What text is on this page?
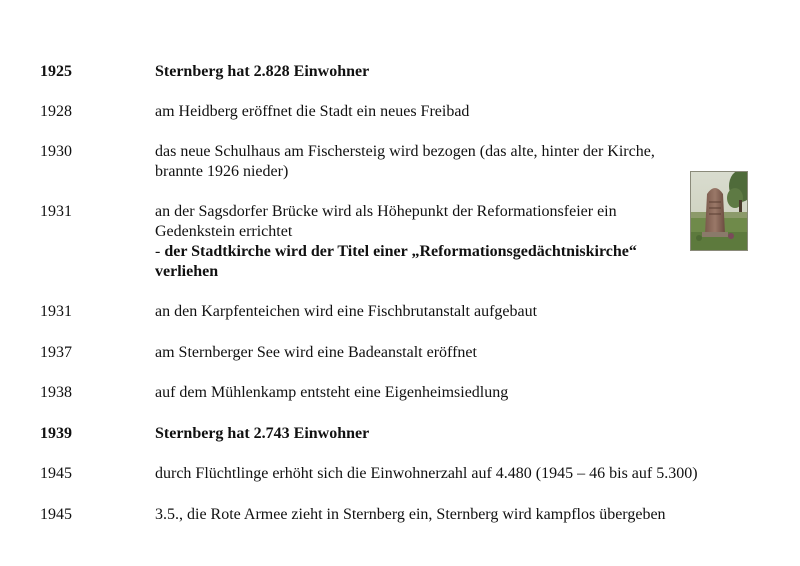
1925	Sternberg hat 2.828 Einwohner
1928	am Heidberg eröffnet die Stadt ein neues Freibad
1930	das neue Schulhaus am Fischersteig wird bezogen (das alte, hinter der Kirche,
brannte 1926 nieder)
1931	an der Sagsdorfer Brücke wird als Höhepunkt der Reformationsfeier ein
Gedenkstein errichtet
- der Stadtkirche wird der Titel einer „Reformationsgedächtniskirche“
verliehen
1931	an den Karpfenteichen wird eine Fischbrutanstalt aufgebaut
1937	am Sternberger See wird eine Badeanstalt eröffnet
1938	auf dem Mühlenkamp entsteht eine Eigenheimsiedlung
1939	Sternberg hat 2.743 Einwohner
1945	durch Flüchtlinge erhöht sich die Einwohnerzahl auf 4.480 (1945 – 46 bis auf 5.300)
1945	3.5., die Rote Armee zieht in Sternberg ein, Sternberg wird kampflos übergeben
